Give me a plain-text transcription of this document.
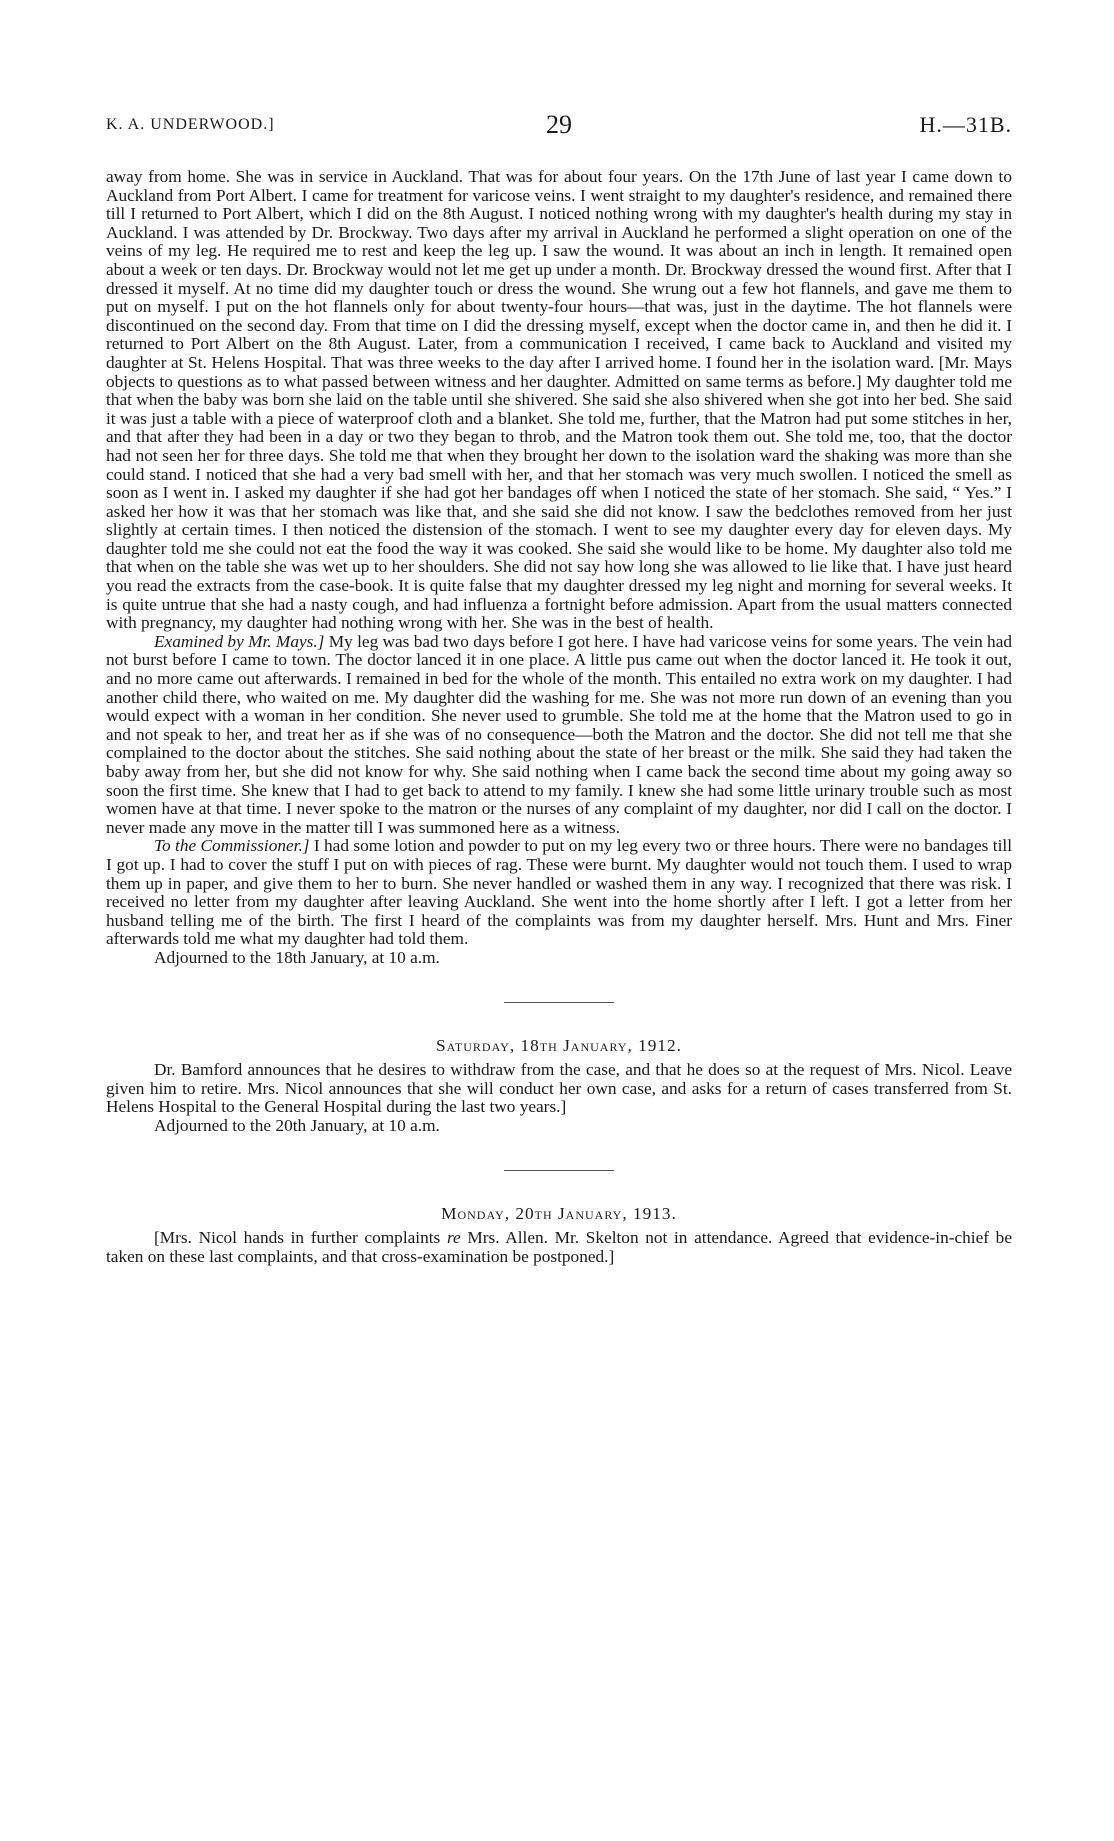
K. A. UNDERWOOD.]	29	H.—31B.

away from home. She was in service in Auckland. That was for about four years. On the 17th June of last year I came down to Auckland from Port Albert. I came for treatment for varicose veins. I went straight to my daughter's residence, and remained there till I returned to Port Albert, which I did on the 8th August. I noticed nothing wrong with my daughter's health during my stay in Auckland. I was attended by Dr. Brockway. Two days after my arrival in Auckland he performed a slight operation on one of the veins of my leg. He required me to rest and keep the leg up. I saw the wound. It was about an inch in length. It remained open about a week or ten days. Dr. Brockway would not let me get up under a month. Dr. Brockway dressed the wound first. After that I dressed it myself. At no time did my daughter touch or dress the wound. She wrung out a few hot flannels, and gave me them to put on myself. I put on the hot flannels only for about twenty-four hours—that was, just in the daytime. The hot flannels were discontinued on the second day. From that time on I did the dressing myself, except when the doctor came in, and then he did it. I returned to Port Albert on the 8th August. Later, from a communication I received, I came back to Auckland and visited my daughter at St. Helens Hospital. That was three weeks to the day after I arrived home. I found her in the isolation ward. [Mr. Mays objects to questions as to what passed between witness and her daughter. Admitted on same terms as before.] My daughter told me that when the baby was born she laid on the table until she shivered. She said she also shivered when she got into her bed. She said it was just a table with a piece of waterproof cloth and a blanket. She told me, further, that the Matron had put some stitches in her, and that after they had been in a day or two they began to throb, and the Matron took them out. She told me, too, that the doctor had not seen her for three days. She told me that when they brought her down to the isolation ward the shaking was more than she could stand. I noticed that she had a very bad smell with her, and that her stomach was very much swollen. I noticed the smell as soon as I went in. I asked my daughter if she had got her bandages off when I noticed the state of her stomach. She said, “ Yes.” I asked her how it was that her stomach was like that, and she said she did not know. I saw the bedclothes removed from her just slightly at certain times. I then noticed the distension of the stomach. I went to see my daughter every day for eleven days. My daughter told me she could not eat the food the way it was cooked. She said she would like to be home. My daughter also told me that when on the table she was wet up to her shoulders. She did not say how long she was allowed to lie like that. I have just heard you read the extracts from the case-book. It is quite false that my daughter dressed my leg night and morning for several weeks. It is quite untrue that she had a nasty cough, and had influenza a fortnight before admission. Apart from the usual matters connected with pregnancy, my daughter had nothing wrong with her. She was in the best of health.

Examined by Mr. Mays.] My leg was bad two days before I got here. I have had varicose veins for some years. The vein had not burst before I came to town. The doctor lanced it in one place. A little pus came out when the doctor lanced it. He took it out, and no more came out afterwards. I remained in bed for the whole of the month. This entailed no extra work on my daughter. I had another child there, who waited on me. My daughter did the washing for me. She was not more run down of an evening than you would expect with a woman in her condition. She never used to grumble. She told me at the home that the Matron used to go in and not speak to her, and treat her as if she was of no consequence—both the Matron and the doctor. She did not tell me that she complained to the doctor about the stitches. She said nothing about the state of her breast or the milk. She said they had taken the baby away from her, but she did not know for why. She said nothing when I came back the second time about my going away so soon the first time. She knew that I had to get back to attend to my family. I knew she had some little urinary trouble such as most women have at that time. I never spoke to the matron or the nurses of any complaint of my daughter, nor did I call on the doctor. I never made any move in the matter till I was summoned here as a witness.

To the Commissioner.] I had some lotion and powder to put on my leg every two or three hours. There were no bandages till I got up. I had to cover the stuff I put on with pieces of rag. These were burnt. My daughter would not touch them. I used to wrap them up in paper, and give them to her to burn. She never handled or washed them in any way. I recognized that there was risk. I received no letter from my daughter after leaving Auckland. She went into the home shortly after I left. I got a letter from her husband telling me of the birth. The first I heard of the complaints was from my daughter herself. Mrs. Hunt and Mrs. Finer afterwards told me what my daughter had told them.

Adjourned to the 18th January, at 10 a.m.

Saturday, 18th January, 1912.

Dr. Bamford announces that he desires to withdraw from the case, and that he does so at the request of Mrs. Nicol. Leave given him to retire. Mrs. Nicol announces that she will conduct her own case, and asks for a return of cases transferred from St. Helens Hospital to the General Hospital during the last two years.]

Adjourned to the 20th January, at 10 a.m.

Monday, 20th January, 1913.

[Mrs. Nicol hands in further complaints re Mrs. Allen. Mr. Skelton not in attendance. Agreed that evidence-in-chief be taken on these last complaints, and that cross-examination be postponed.]
